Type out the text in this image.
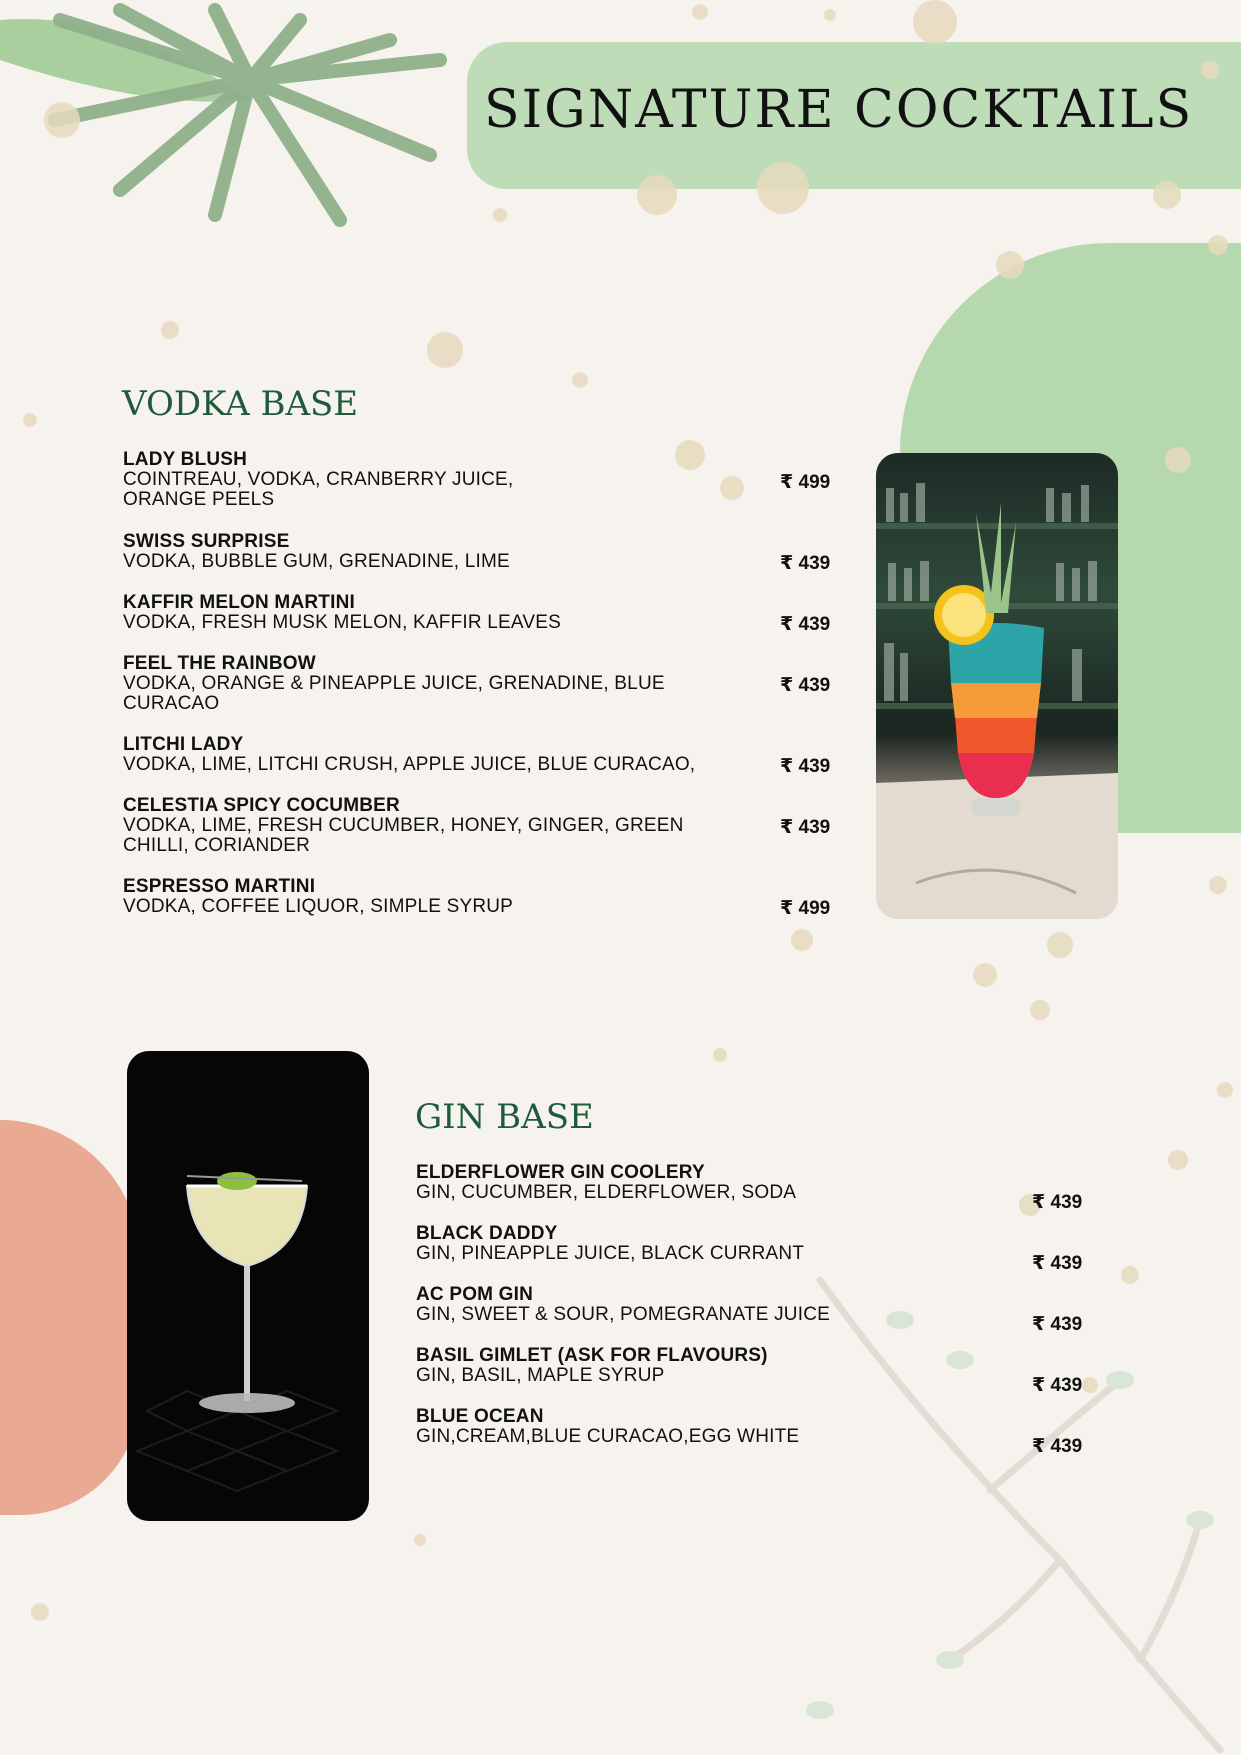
SIGNATURE COCKTAILS
VODKA BASE
LADY BLUSH
COINTREAU, VODKA, CRANBERRY JUICE, ORANGE PEELS
₹ 499
SWISS SURPRISE
VODKA, BUBBLE GUM, GRENADINE, LIME	₹ 439
KAFFIR MELON MARTINI
VODKA, FRESH MUSK MELON, KAFFIR LEAVES	₹ 439
FEEL THE RAINBOW
VODKA, ORANGE & PINEAPPLE JUICE, GRENADINE, BLUE CURACAO
₹ 439
LITCHI LADY
VODKA, LIME, LITCHI CRUSH, APPLE JUICE, BLUE CURACAO,	₹ 439
CELESTIA SPICY COCUMBER
VODKA, LIME, FRESH CUCUMBER, HONEY, GINGER, GREEN CHILLI, CORIANDER
₹ 439
ESPRESSO MARTINI
VODKA, COFFEE LIQUOR, SIMPLE SYRUP	₹ 499
GIN BASE
ELDERFLOWER GIN COOLERY
GIN, CUCUMBER, ELDERFLOWER, SODA	₹ 439
BLACK DADDY
GIN, PINEAPPLE JUICE, BLACK CURRANT	₹ 439
AC POM GIN
GIN, SWEET & SOUR, POMEGRANATE JUICE	₹ 439
BASIL GIMLET (ASK FOR FLAVOURS)
GIN, BASIL, MAPLE SYRUP	₹ 439
BLUE OCEAN
GIN,CREAM,BLUE CURACAO,EGG WHITE	₹ 439
